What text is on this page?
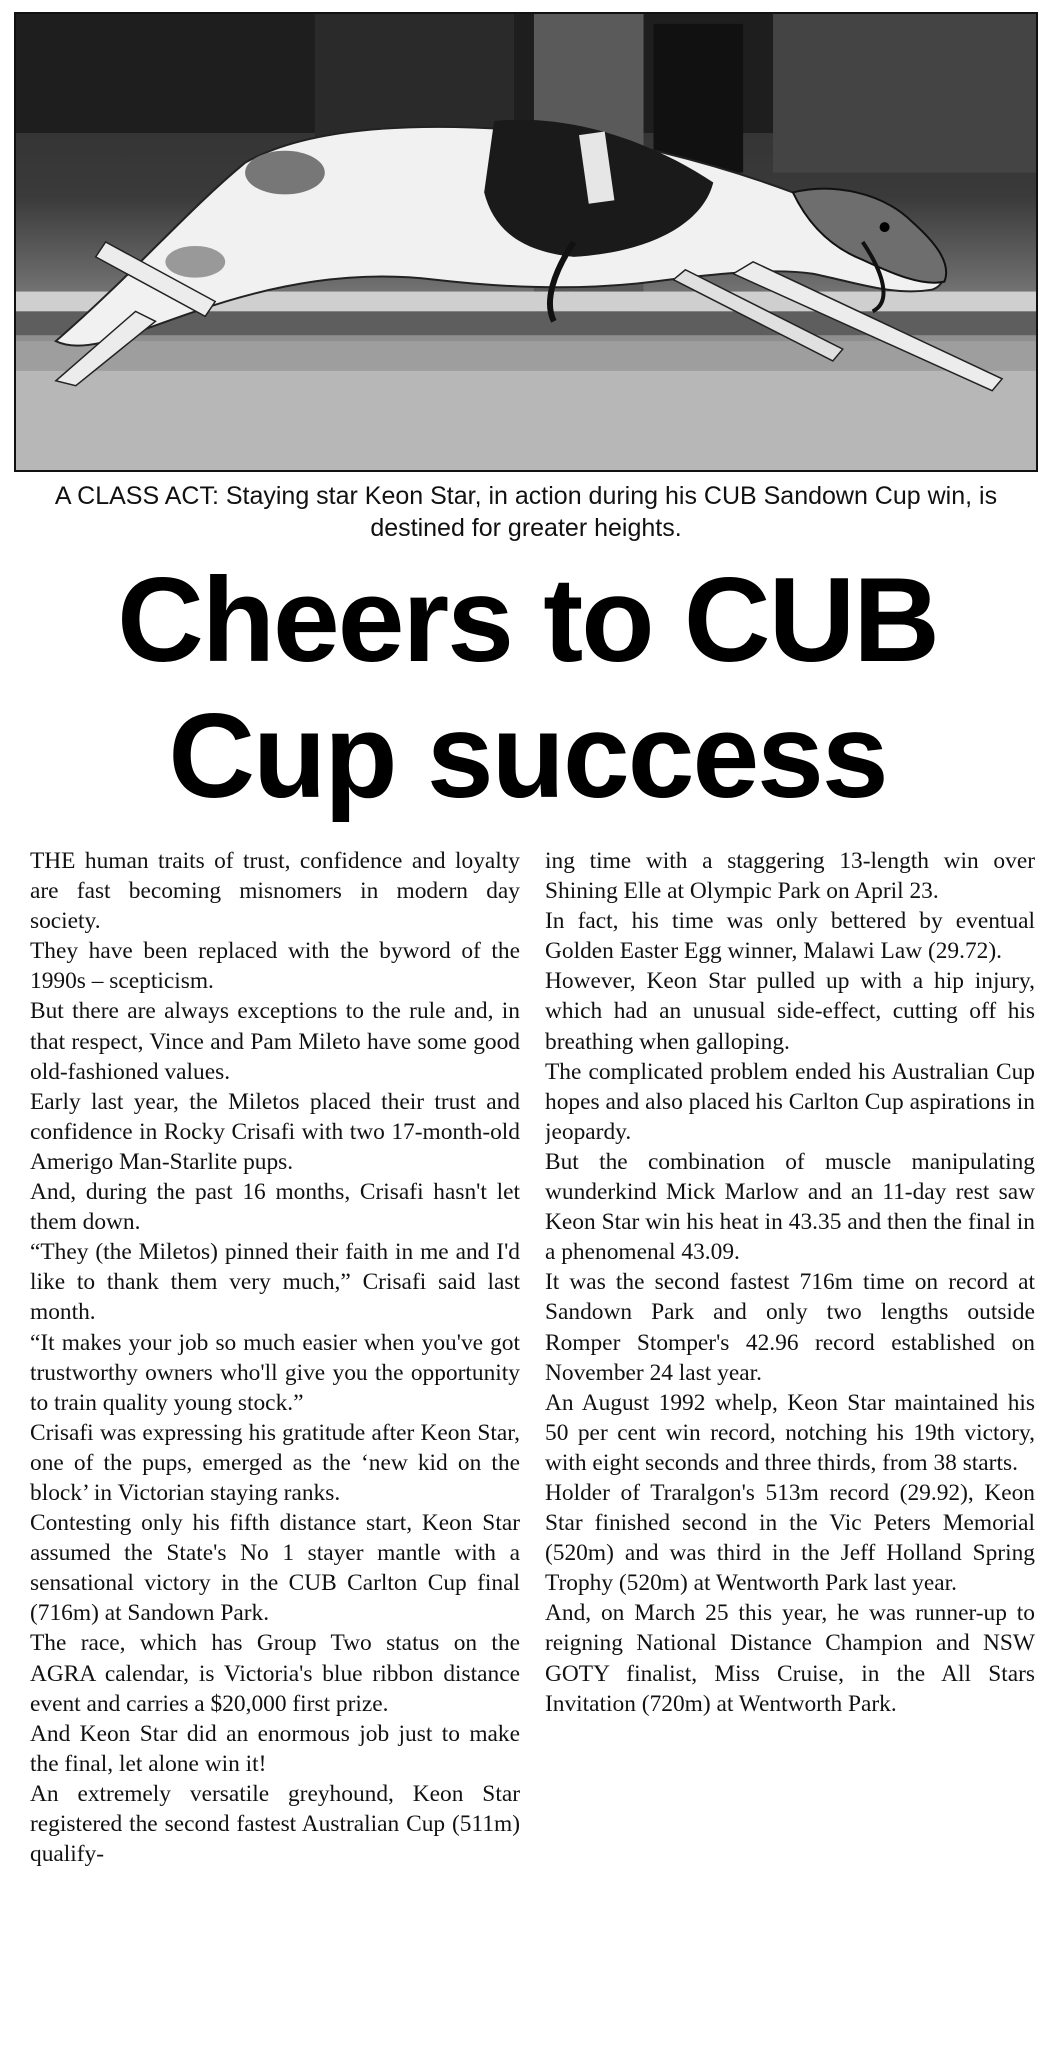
A CLASS ACT: Staying star Keon Star, in action during his CUB Sandown Cup win, is destined for greater heights.
Cheers to CUB
Cup success

THE human traits of trust, confidence and loyalty are fast becoming misnomers in modern day society.

They have been replaced with the byword of the 1990s – scepticism.

But there are always exceptions to the rule and, in that respect, Vince and Pam Mileto have some good old-fashioned values.

Early last year, the Miletos placed their trust and confidence in Rocky Crisafi with two 17-month-old Amerigo Man-Starlite pups.

And, during the past 16 months, Crisafi hasn't let them down.

“They (the Miletos) pinned their faith in me and I'd like to thank them very much,” Crisafi said last month.

“It makes your job so much easier when you've got trustworthy owners who'll give you the opportunity to train quality young stock.”

Crisafi was expressing his gratitude after Keon Star, one of the pups, emerged as the ‘new kid on the block’ in Victorian staying ranks.

Contesting only his fifth distance start, Keon Star assumed the State's No 1 stayer mantle with a sensational victory in the CUB Carlton Cup final (716m) at Sandown Park.

The race, which has Group Two status on the AGRA calendar, is Victoria's blue ribbon distance event and carries a $20,000 first prize.

And Keon Star did an enormous job just to make the final, let alone win it!

An extremely versatile greyhound, Keon Star registered the second fastest Australian Cup (511m) qualify-

ing time with a staggering 13-length win over Shining Elle at Olympic Park on April 23.

In fact, his time was only bettered by eventual Golden Easter Egg winner, Malawi Law (29.72).

However, Keon Star pulled up with a hip injury, which had an unusual side-effect, cutting off his breathing when galloping.

The complicated problem ended his Australian Cup hopes and also placed his Carlton Cup aspirations in jeopardy.

But the combination of muscle manipulating wunderkind Mick Marlow and an 11-day rest saw Keon Star win his heat in 43.35 and then the final in a phenomenal 43.09.

It was the second fastest 716m time on record at Sandown Park and only two lengths outside Romper Stomper's 42.96 record established on November 24 last year.

An August 1992 whelp, Keon Star maintained his 50 per cent win record, notching his 19th victory, with eight seconds and three thirds, from 38 starts.

Holder of Traralgon's 513m record (29.92), Keon Star finished second in the Vic Peters Memorial (520m) and was third in the Jeff Holland Spring Trophy (520m) at Wentworth Park last year.

And, on March 25 this year, he was runner-up to reigning National Distance Champion and NSW GOTY finalist, Miss Cruise, in the All Stars Invitation (720m) at Wentworth Park.
